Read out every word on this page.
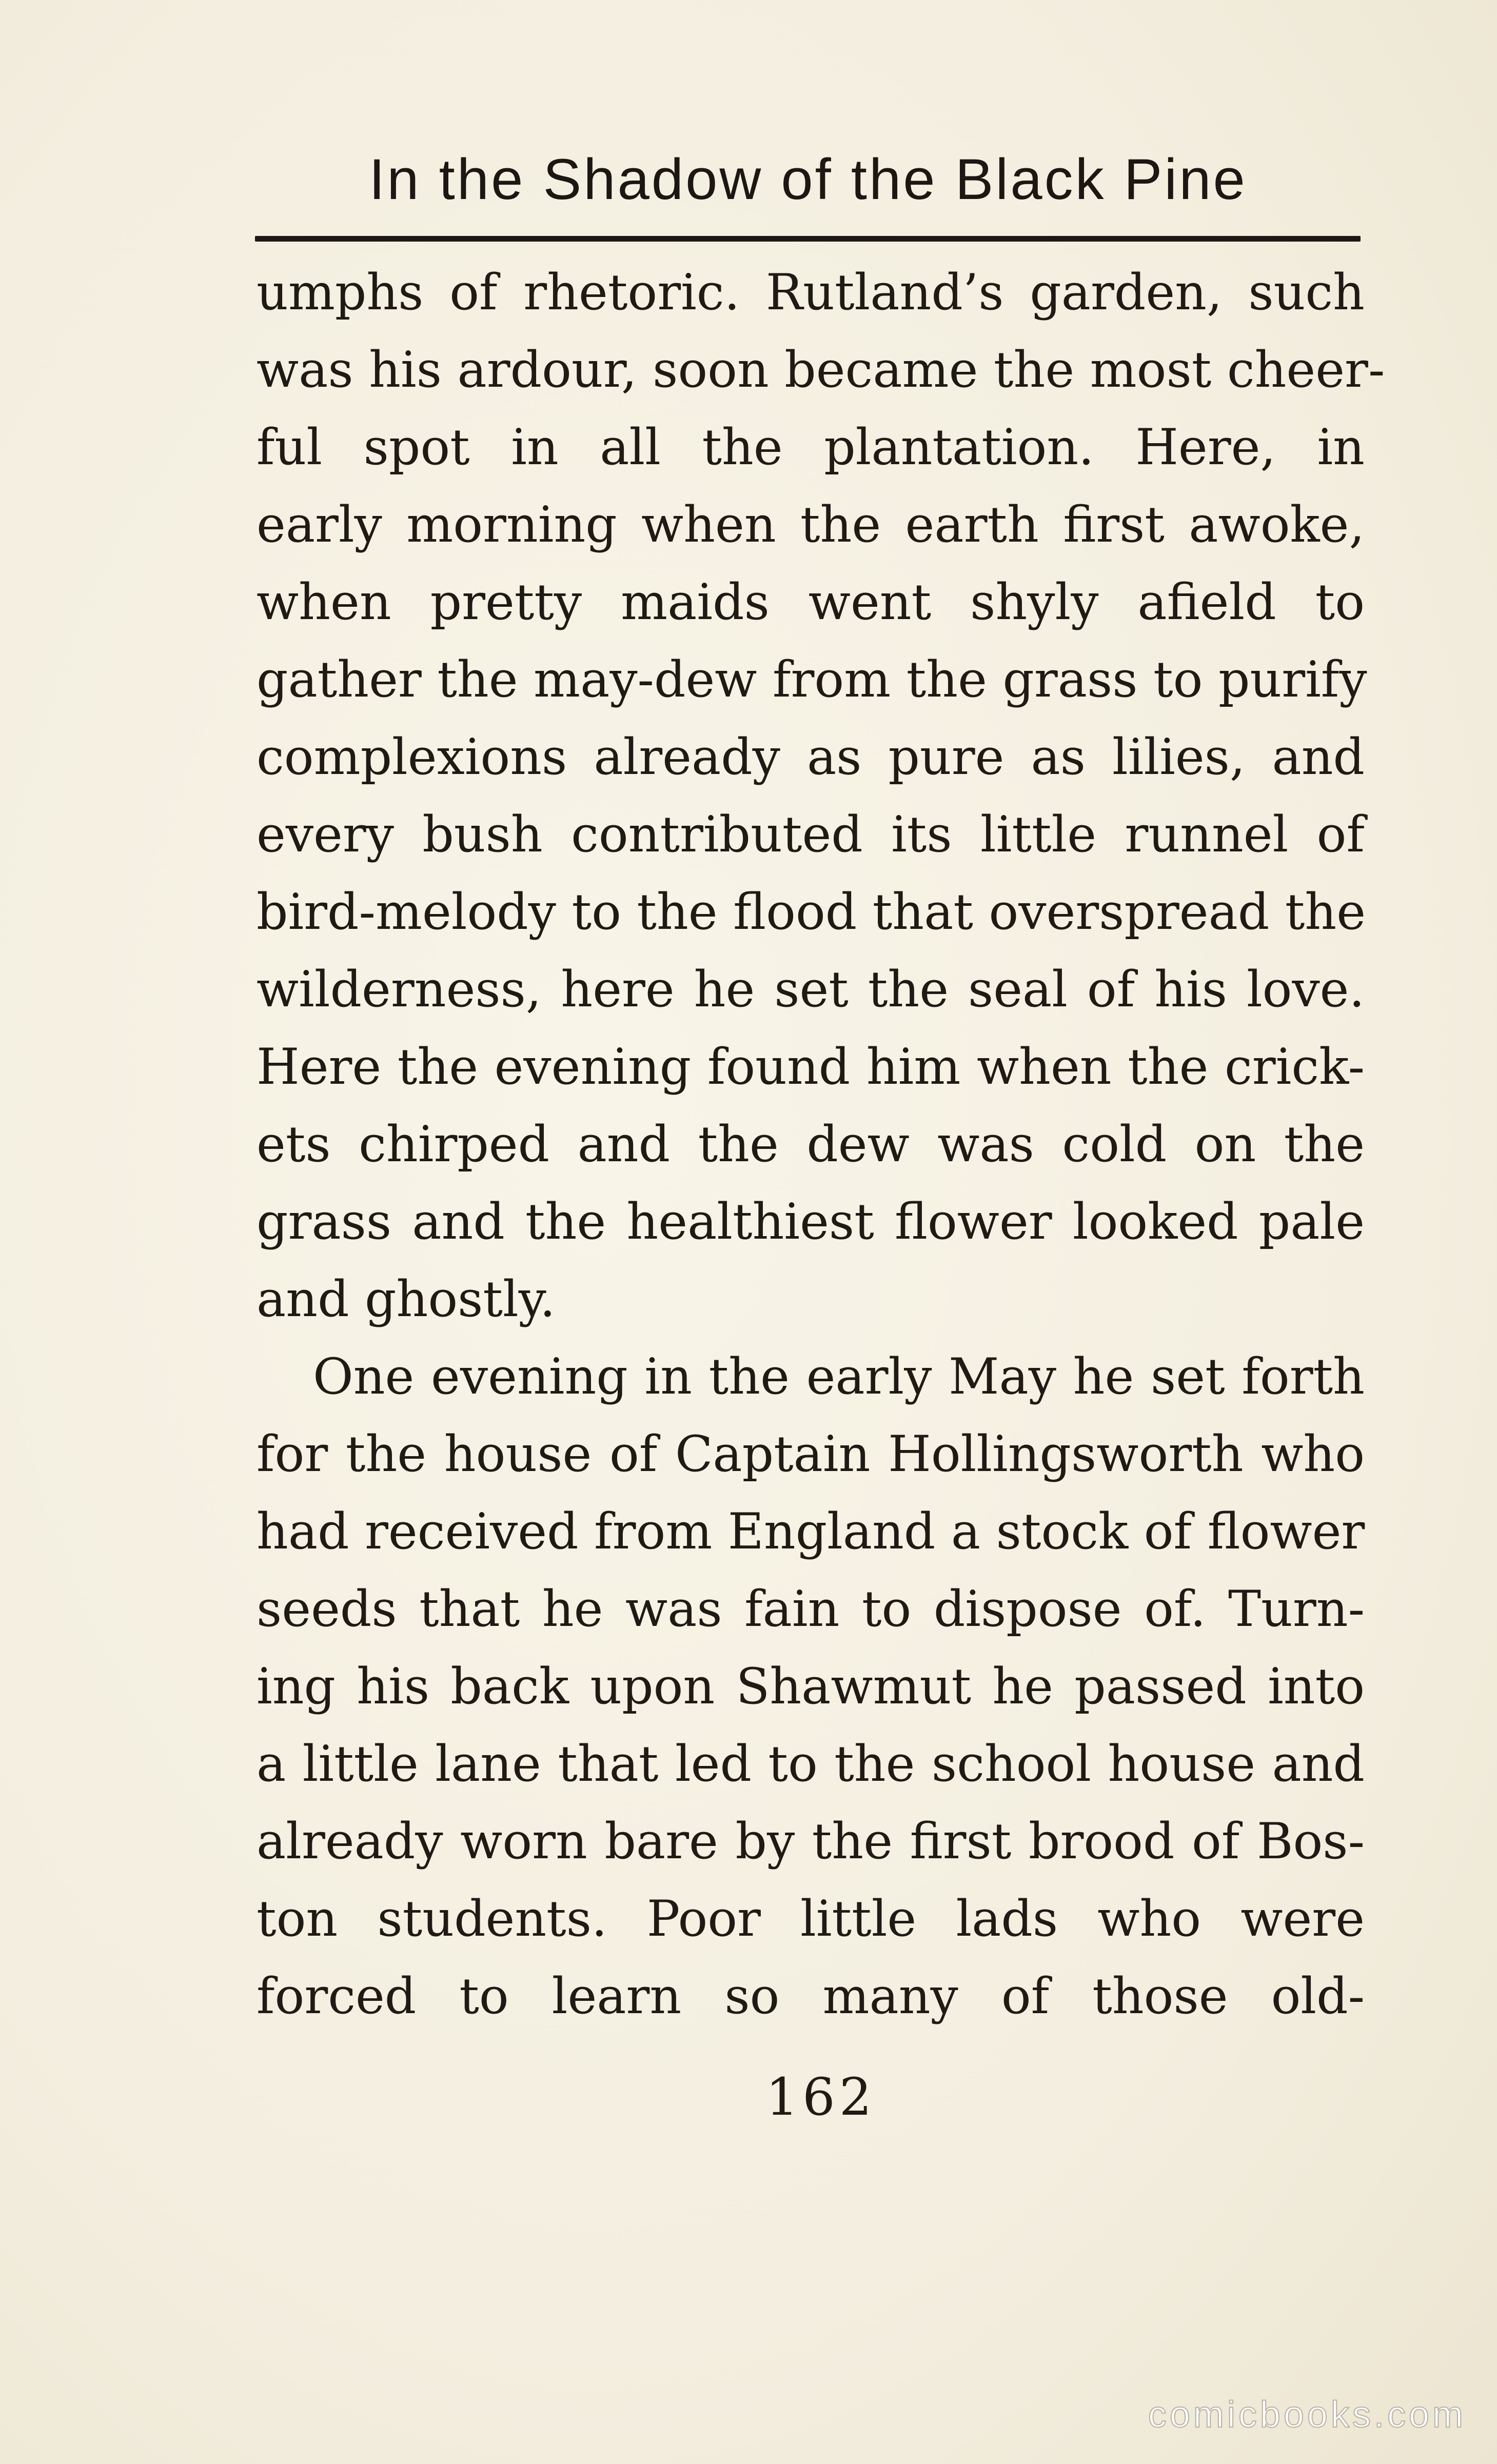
In the Shadow of the Black Pine
umphs of rhetoric. Rutland’s garden, such
was his ardour, soon became the most cheer-
ful spot in all the plantation. Here, in
early morning when the earth first awoke,
when pretty maids went shyly afield to
gather the may-dew from the grass to purify
complexions already as pure as lilies, and
every bush contributed its little runnel of
bird-melody to the flood that overspread the
wilderness, here he set the seal of his love.
Here the evening found him when the crick-
ets chirped and the dew was cold on the
grass and the healthiest flower looked pale
and ghostly.
One evening in the early May he set forth
for the house of Captain Hollingsworth who
had received from England a stock of flower
seeds that he was fain to dispose of. Turn-
ing his back upon Shawmut he passed into
a little lane that led to the school house and
already worn bare by the first brood of Bos-
ton students. Poor little lads who were
forced to learn so many of those old-
162
comicbooks.com
